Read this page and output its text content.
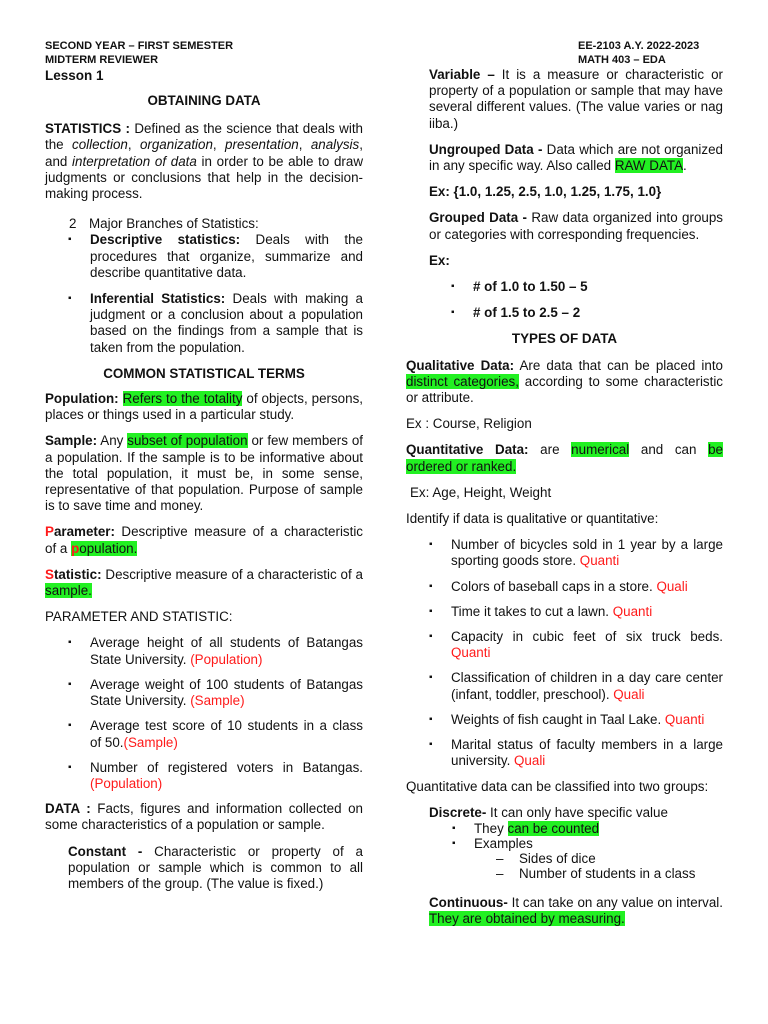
SECOND YEAR – FIRST SEMESTER
MIDTERM REVIEWER
Lesson 1
EE-2103 A.Y. 2022-2023
MATH 403 – EDA

OBTAINING DATA

STATISTICS : Defined as the science that deals with the collection, organization, presentation, analysis, and interpretation of data in order to be able to draw judgments or conclusions that help in the decision-making process.

2 Major Branches of Statistics:
▪ Descriptive statistics: Deals with the procedures that organize, summarize and describe quantitative data.
▪ Inferential Statistics: Deals with making a judgment or a conclusion about a population based on the findings from a sample that is taken from the population.

COMMON STATISTICAL TERMS

Population: Refers to the totality of objects, persons, places or things used in a particular study.

Sample: Any subset of population or few members of a population. If the sample is to be informative about the total population, it must be, in some sense, representative of that population. Purpose of sample is to save time and money.

Parameter: Descriptive measure of a characteristic of a population.

Statistic: Descriptive measure of a characteristic of a sample.

PARAMETER AND STATISTIC:

▪ Average height of all students of Batangas State University. (Population)
▪ Average weight of 100 students of Batangas State University. (Sample)
▪ Average test score of 10 students in a class of 50.(Sample)
▪ Number of registered voters in Batangas.(Population)

DATA : Facts, figures and information collected on some characteristics of a population or sample.

Constant - Characteristic or property of a population or sample which is common to all members of the group. (The value is fixed.)

Variable – It is a measure or characteristic or property of a population or sample that may have several different values. (The value varies or nag iiba.)

Ungrouped Data - Data which are not organized in any specific way. Also called RAW DATA.

Ex: {1.0, 1.25, 2.5, 1.0, 1.25, 1.75, 1.0}

Grouped Data - Raw data organized into groups or categories with corresponding frequencies.

Ex:

▪ # of 1.0 to 1.50 – 5
▪ # of 1.5 to 2.5 – 2

TYPES OF DATA

Qualitative Data: Are data that can be placed into distinct categories, according to some characteristic or attribute.

Ex : Course, Religion

Quantitative Data: are numerical and can be ordered or ranked.

Ex: Age, Height, Weight

Identify if data is qualitative or quantitative:

▪ Number of bicycles sold in 1 year by a large sporting goods store. Quanti
▪ Colors of baseball caps in a store. Quali
▪ Time it takes to cut a lawn. Quanti
▪ Capacity in cubic feet of six truck beds. Quanti
▪ Classification of children in a day care center (infant, toddler, preschool). Quali
▪ Weights of fish caught in Taal Lake. Quanti
▪ Marital status of faculty members in a large university. Quali

Quantitative data can be classified into two groups:

Discrete- It can only have specific value

▪ They can be counted
▪ Examples
– Sides of dice
– Number of students in a class

Continuous- It can take on any value on interval. They are obtained by measuring.
